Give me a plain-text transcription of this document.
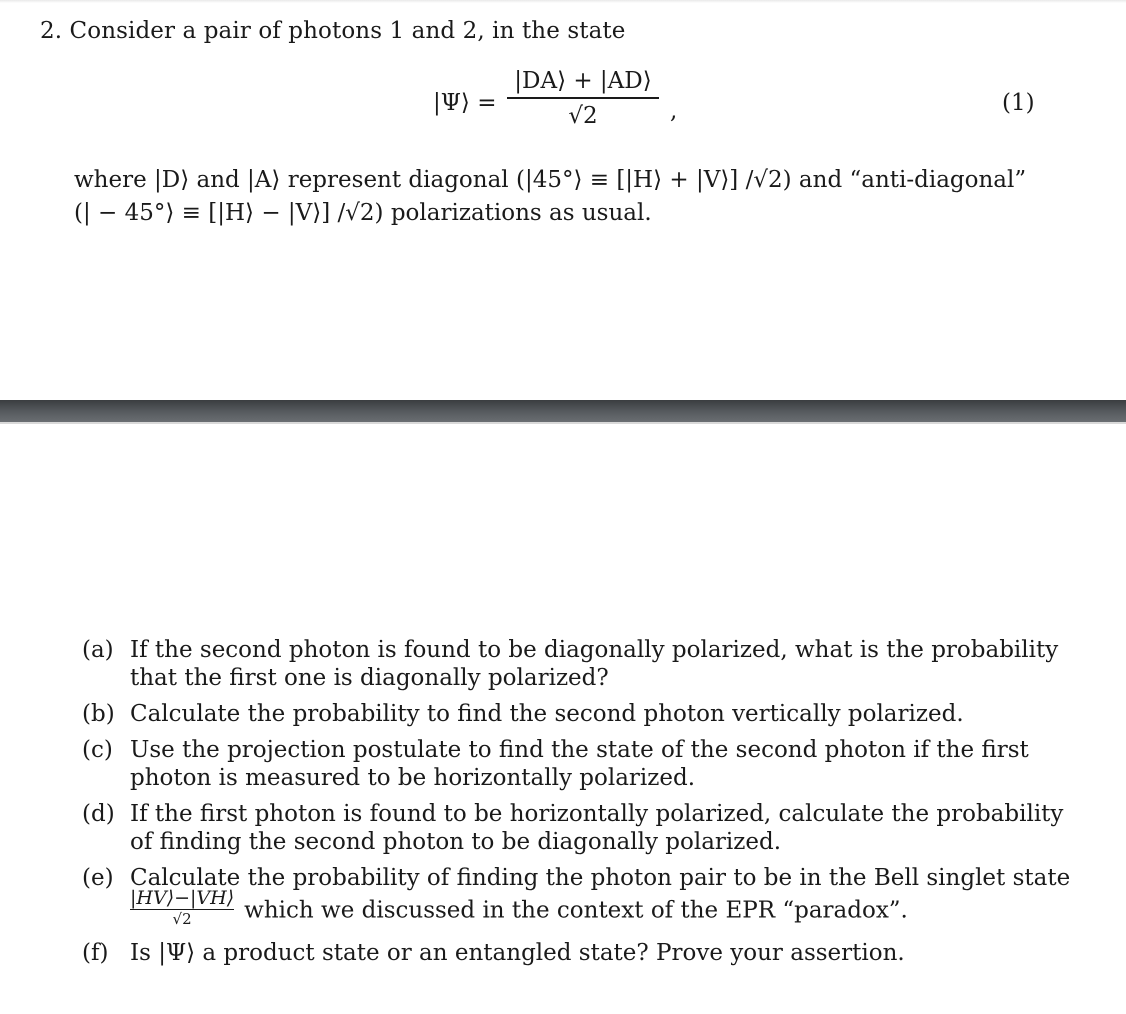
2. Consider a pair of photons 1 and 2, in the state
|Ψ⟩ =
|DA⟩ + |AD⟩
√2	,	(1)
where |D⟩ and |A⟩ represent diagonal (|45°⟩ ≡ [|H⟩ + |V⟩] /√2) and “anti-diagonal”
(| − 45°⟩ ≡ [|H⟩ − |V⟩] /√2) polarizations as usual.
(a) If the second photon is found to be diagonally polarized, what is the probability
that the first one is diagonally polarized?
(b) Calculate the probability to find the second photon vertically polarized.
(c) Use the projection postulate to find the state of the second photon if the first
photon is measured to be horizontally polarized.
(d) If the first photon is found to be horizontally polarized, calculate the probability
of finding the second photon to be diagonally polarized.
(e) Calculate the probability of finding the photon pair to be in the Bell singlet state
$\frac{|HV⟩-|VH⟩}{√2}$ which we discussed in the context of the EPR “paradox”.
(f) Is |Ψ⟩ a product state or an entangled state? Prove your assertion.
